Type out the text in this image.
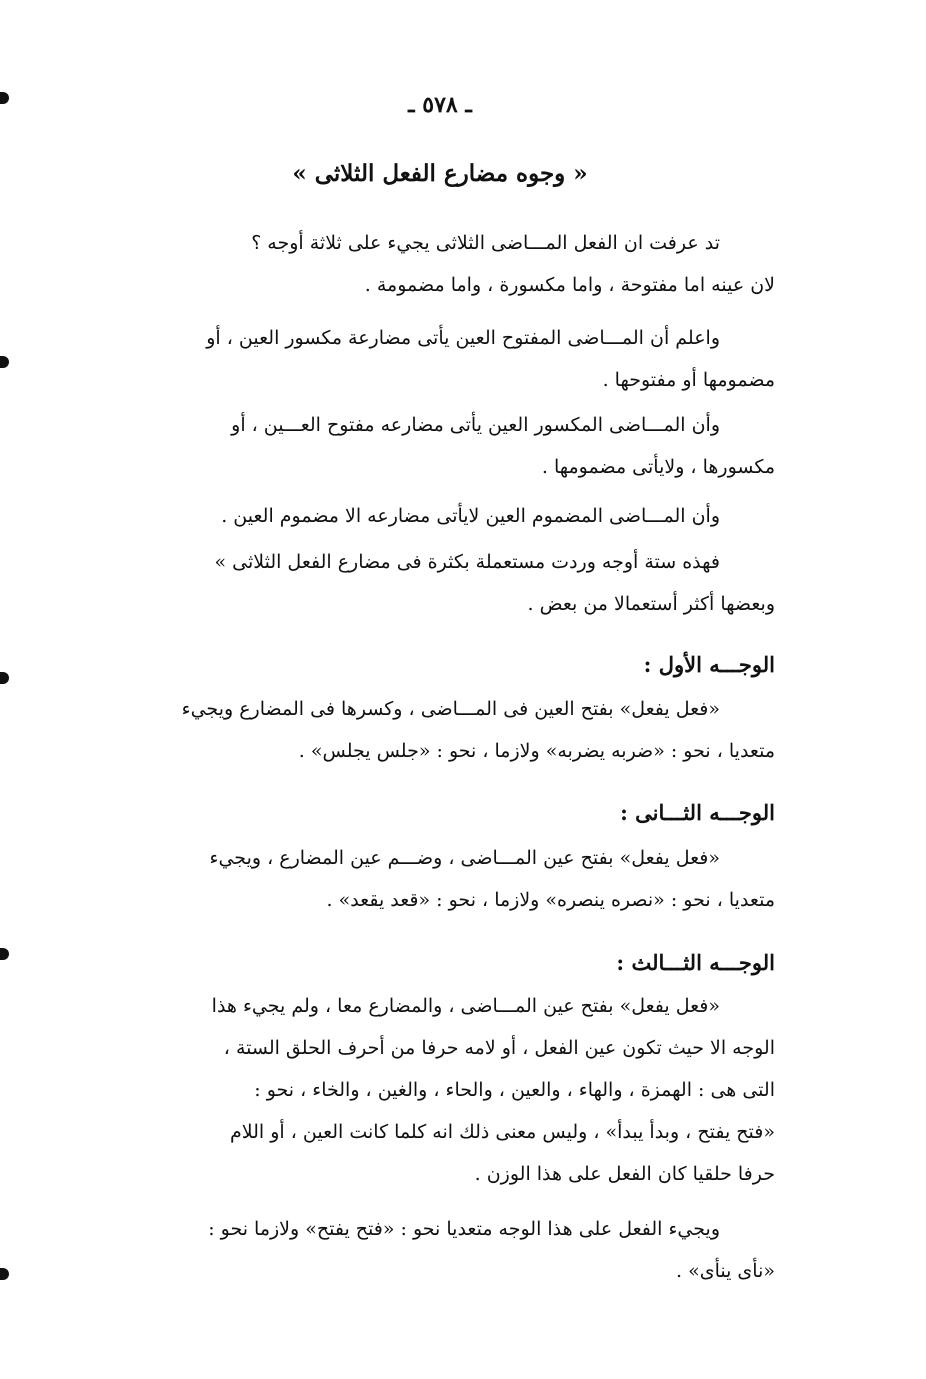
ـ ٥٧٨ ـ
« وجوه مضارع الفعل الثلاثى »

تد عرفت ان الفعل المـــاضى الثلاثى يجيء على ثلاثة أوجه ؟

لان عينه اما مفتوحة ، واما مكسورة ، واما مضمومة .

واعلم أن المـــاضى المفتوح العين يأتى مضارعة مكسور العين ، أو

مضمومها أو مفتوحها .

وأن المـــاضى المكسور العين يأتى مضارعه مفتوح العـــين ، أو

مكسورها ، ولايأتى مضمومها .

وأن المـــاضى المضموم العين لايأتى مضارعه الا مضموم العين .

فهذه ستة أوجه وردت مستعملة بكثرة فى مضارع الفعل الثلاثى »

وبعضها أكثر أستعمالا من بعض .

الوجـــه الأول :

«فعل يفعل» بفتح العين فى المـــاضى ، وكسرها فى المضارع ويجيء

متعديا ، نحو : «ضربه يضربه» ولازما ، نحو : «جلس يجلس» .

الوجـــه الثـــانى :

«فعل يفعل» بفتح عين المـــاضى ، وضـــم عين المضارع ، ويجيء

متعديا ، نحو : «نصره ينصره» ولازما ، نحو : «قعد يقعد» .

الوجـــه الثـــالث :

«فعل يفعل» بفتح عين المـــاضى ، والمضارع معا ، ولم يجيء هذا

الوجه الا حيث تكون عين الفعل ، أو لامه حرفا من أحرف الحلق الستة ،

التى هى : الهمزة ، والهاء ، والعين ، والحاء ، والغين ، والخاء ، نحو :

«فتح يفتح ، وبدأ يبدأ» ، وليس معنى ذلك انه كلما كانت العين ، أو اللام

حرفا حلقيا كان الفعل على هذا الوزن .

ويجيء الفعل على هذا الوجه متعديا نحو : «فتح يفتح» ولازما نحو :

«نأى ينأى» .
